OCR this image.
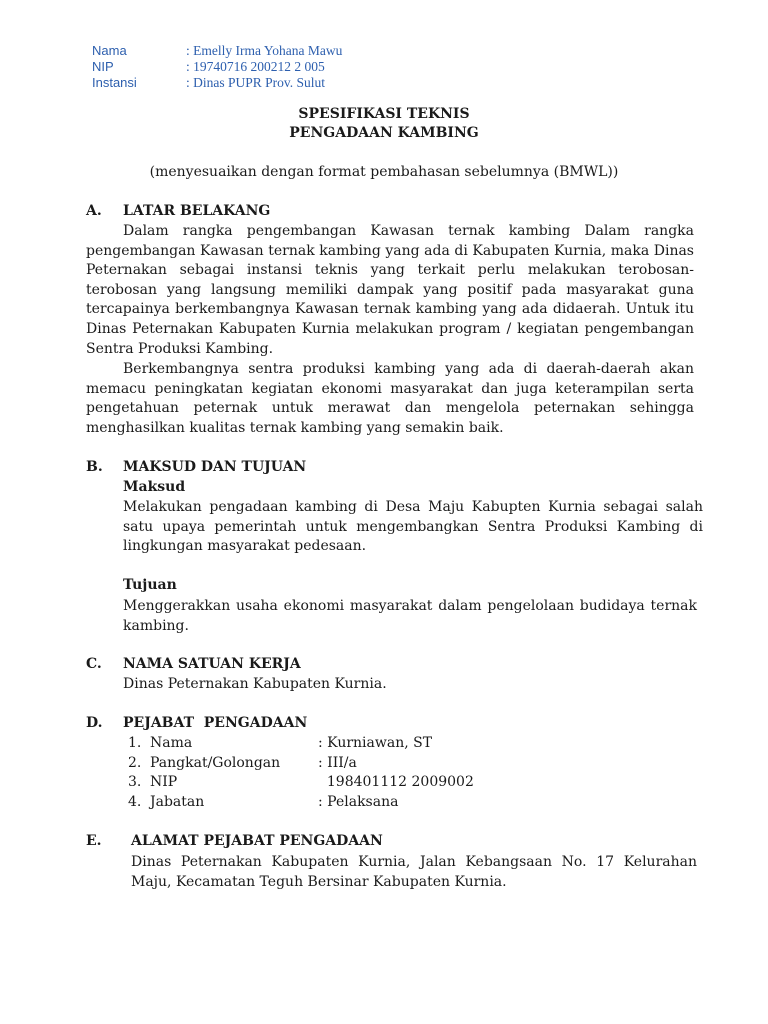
Nama	: Emelly Irma Yohana Mawu
NIP	: 19740716 200212 2 005
Instansi	: Dinas PUPR Prov. Sulut
SPESIFIKASI TEKNIS
PENGADAAN KAMBING
(menyesuaikan dengan format pembahasan sebelumnya (BMWL))
A. LATAR BELAKANG
Dalam rangka pengembangan Kawasan ternak kambing Dalam rangka pengembangan Kawasan ternak kambing yang ada di Kabupaten Kurnia, maka Dinas Peternakan sebagai instansi teknis yang terkait perlu melakukan terobosan-terobosan yang langsung memiliki dampak yang positif pada masyarakat guna tercapainya berkembangnya Kawasan ternak kambing yang ada didaerah. Untuk itu Dinas Peternakan Kabupaten Kurnia melakukan program / kegiatan pengembangan Sentra Produksi Kambing.
Berkembangnya sentra produksi kambing yang ada di daerah-daerah akan memacu peningkatan kegiatan ekonomi masyarakat dan juga keterampilan serta pengetahuan peternak untuk merawat dan mengelola peternakan sehingga menghasilkan kualitas ternak kambing yang semakin baik.
B. MAKSUD DAN TUJUAN
Maksud
Melakukan pengadaan kambing di Desa Maju Kabupten Kurnia sebagai salah satu upaya pemerintah untuk mengembangkan Sentra Produksi Kambing di lingkungan masyarakat pedesaan.
Tujuan
Menggerakkan usaha ekonomi masyarakat dalam pengelolaan budidaya ternak kambing.
C. NAMA SATUAN KERJA
Dinas Peternakan Kabupaten Kurnia.
D. PEJABAT  PENGADAAN
1. Nama	: Kurniawan, ST
2. Pangkat/Golongan	: III/a
3. NIP	198401112 2009002
4. Jabatan	: Pelaksana
E. ALAMAT PEJABAT PENGADAAN
Dinas Peternakan Kabupaten Kurnia, Jalan Kebangsaan No. 17 Kelurahan Maju, Kecamatan Teguh Bersinar Kabupaten Kurnia.
